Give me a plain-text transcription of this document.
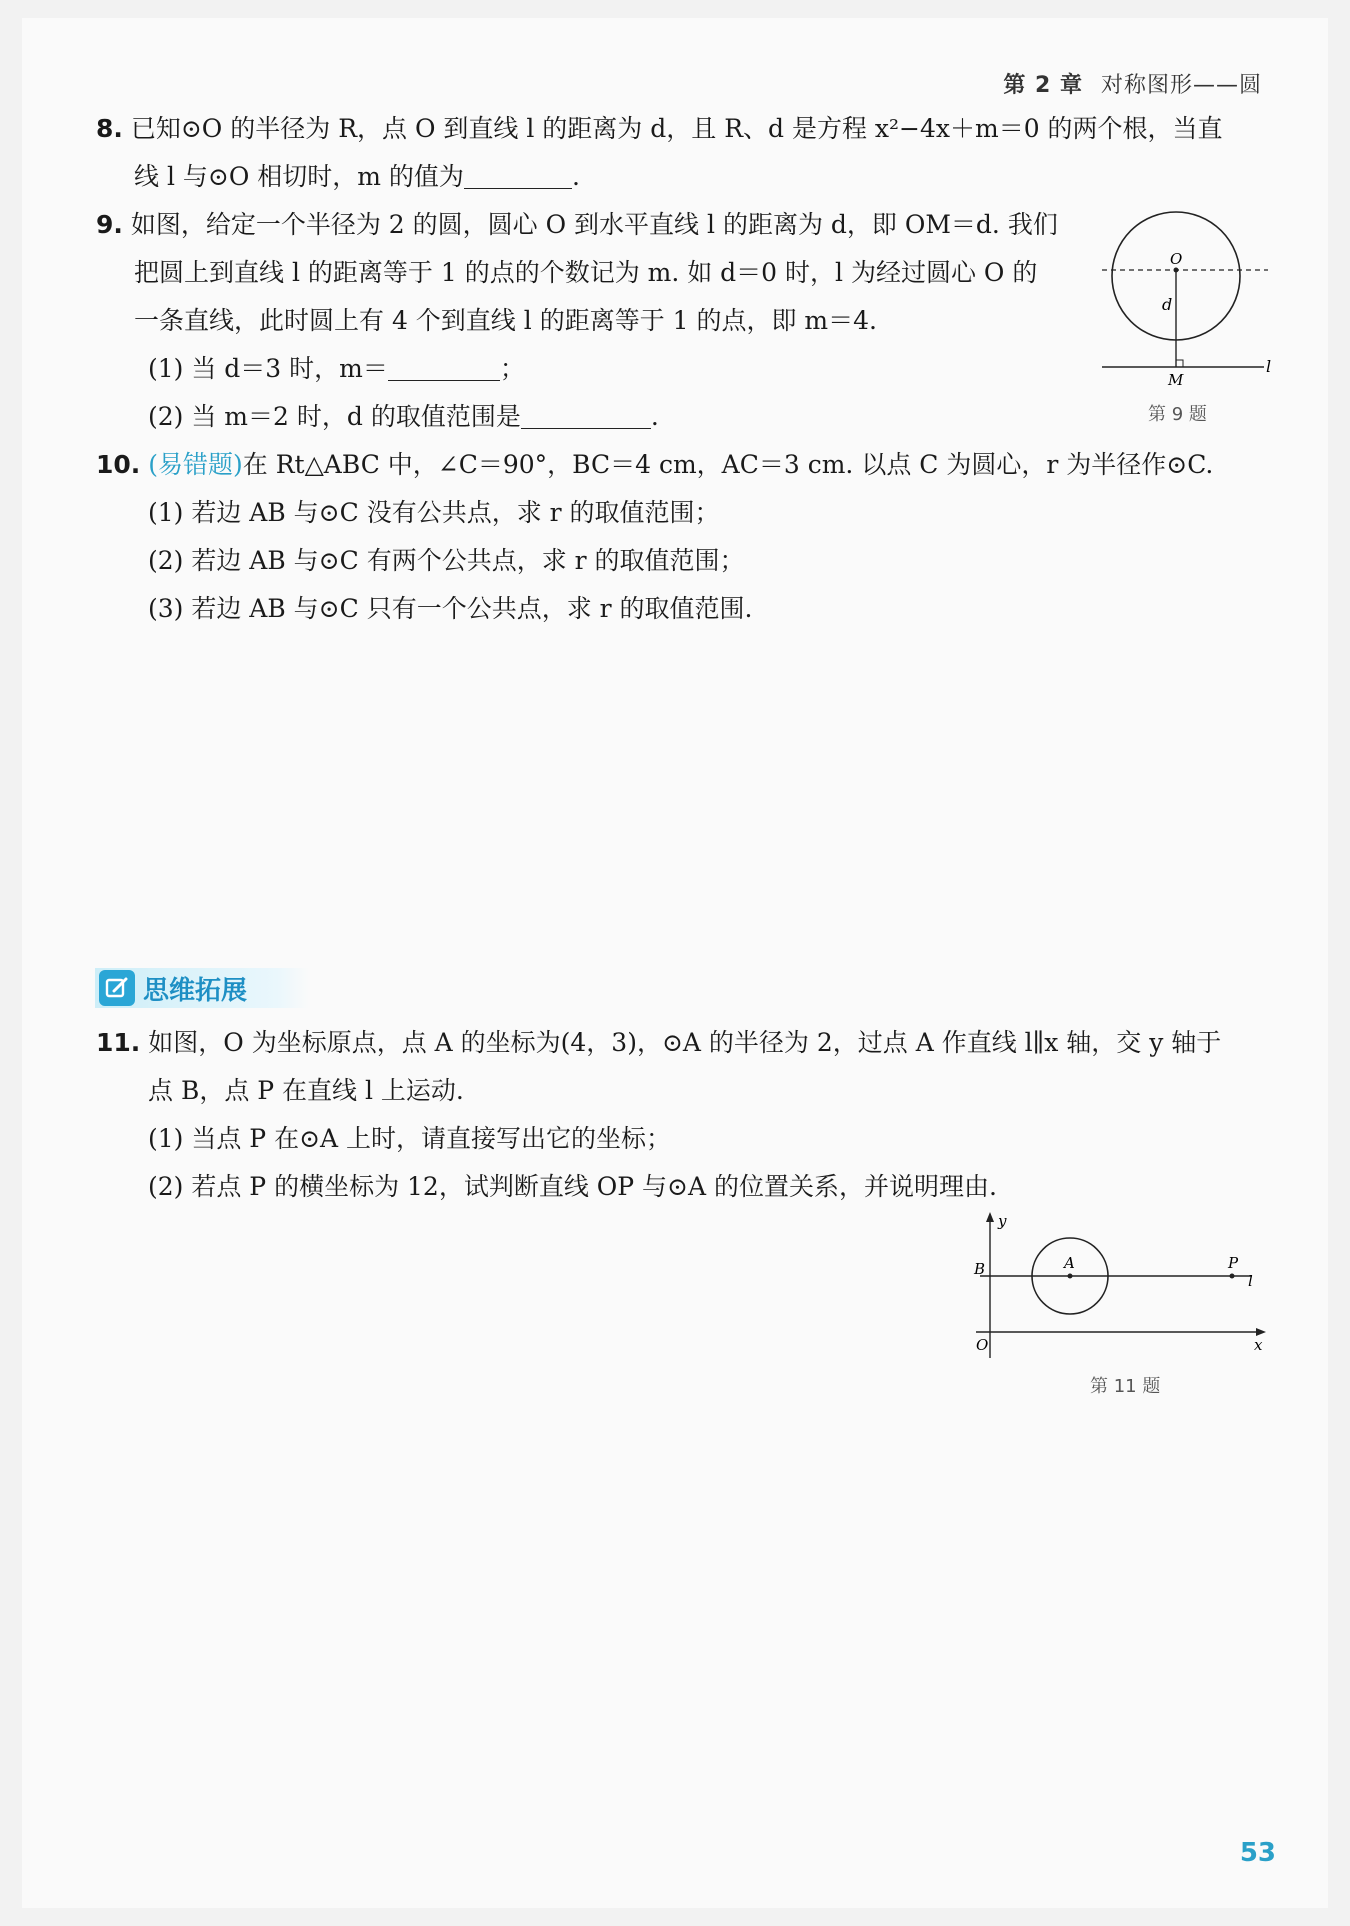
第 2 章 对称图形——圆
8. 已知⊙O 的半径为 R，点 O 到直线 l 的距离为 d，且 R、d 是方程 x²−4x＋m＝0 的两个根，当直
线 l 与⊙O 相切时，m 的值为	.
9. 如图，给定一个半径为 2 的圆，圆心 O 到水平直线 l 的距离为 d，即 OM＝d. 我们
把圆上到直线 l 的距离等于 1 的点的个数记为 m. 如 d＝0 时，l 为经过圆心 O 的
一条直线，此时圆上有 4 个到直线 l 的距离等于 1 的点，即 m＝4.
(1) 当 d＝3 时，m＝	；
(2) 当 m＝2 时，d 的取值范围是	.
O
d
M
l
第 9 题
10. (易错题)在 Rt△ABC 中，∠C＝90°，BC＝4 cm，AC＝3 cm. 以点 C 为圆心，r 为半径作⊙C.
(1) 若边 AB 与⊙C 没有公共点，求 r 的取值范围；
(2) 若边 AB 与⊙C 有两个公共点，求 r 的取值范围；
(3) 若边 AB 与⊙C 只有一个公共点，求 r 的取值范围.
思维拓展
11. 如图，O 为坐标原点，点 A 的坐标为(4，3)，⊙A 的半径为 2，过点 A 作直线 l∥x 轴，交 y 轴于
点 B，点 P 在直线 l 上运动.
(1) 当点 P 在⊙A 上时，请直接写出它的坐标；
(2) 若点 P 的横坐标为 12，试判断直线 OP 与⊙A 的位置关系，并说明理由.
y
B	A	P
l
O	x
第 11 题
53
